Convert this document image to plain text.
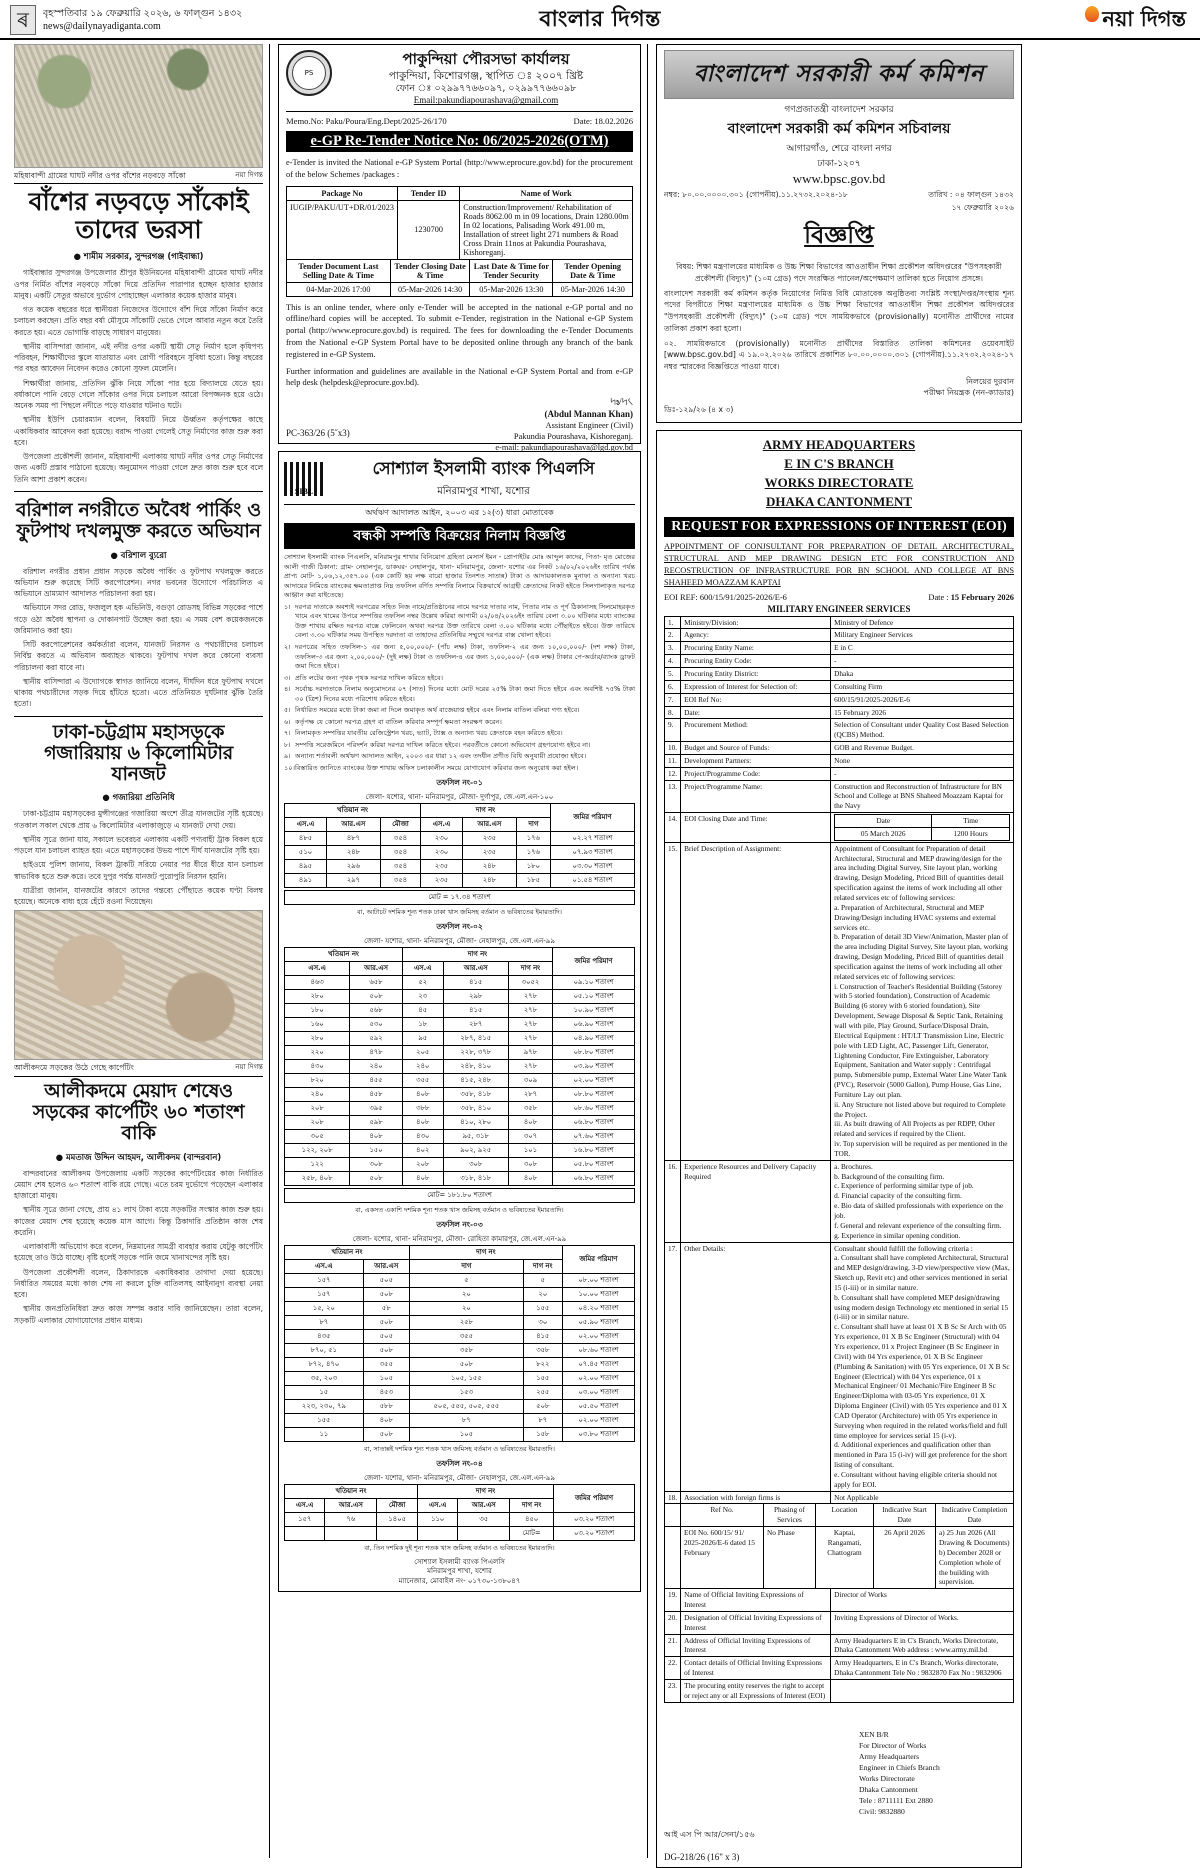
ৰ	বৃহস্পতিবার ১৯ ফেব্রুয়ারি ২০২৬, ৬ ফাল্গুন ১৪৩২
news@dailynayadiganta.com	বাংলার দিগন্ত	নয়া দিগন্ত
নয়া দিগন্ত
মহিষাবান্দী গ্রামের ঘাঘট নদীর ওপর বাঁশের নড়বড়ে সাঁকো
বাঁশের নড়বড়ে সাঁকোই তাদের ভরসা
● শামীম সরকার, সুন্দরগঞ্জ (গাইবান্ধা)

গাইবান্ধার সুন্দরগঞ্জ উপজেলার শ্রীপুর ইউনিয়নের মহিষাবান্দী গ্রামের ঘাঘট নদীর ওপর নির্মিত বাঁশের নড়বড়ে সাঁকো দিয়ে প্রতিদিন পারাপার হচ্ছেন হাজার হাজার মানুষ। একটি সেতুর অভাবে দুর্ভোগ পোহাচ্ছেন এলাকার কয়েক হাজার মানুষ।

গত কয়েক বছরের ধরে স্থানীয়রা নিজেদের উদ্যোগে বাঁশ দিয়ে সাঁকো নির্মাণ করে চলাচল করছেন। প্রতি বছর বর্ষা মৌসুমে সাঁকোটি ভেঙে গেলে আবার নতুন করে তৈরি করতে হয়। এতে ভোগান্তি বাড়ছে সাধারণ মানুষের।

স্থানীয় বাসিন্দারা জানান, এই নদীর ওপর একটি স্থায়ী সেতু নির্মাণ হলে কৃষিপণ্য পরিবহন, শিক্ষার্থীদের স্কুলে যাতায়াত এবং রোগী পরিবহনে সুবিধা হতো। কিন্তু বছরের পর বছর আবেদন নিবেদন করেও কোনো সুফল মেলেনি।

শিক্ষার্থীরা জানায়, প্রতিদিন ঝুঁকি নিয়ে সাঁকো পার হয়ে বিদ্যালয়ে যেতে হয়। বর্ষাকালে পানি বেড়ে গেলে সাঁকোর ওপর দিয়ে চলাচল আরো বিপজ্জনক হয়ে ওঠে। অনেক সময় পা পিছলে নদীতে পড়ে যাওয়ার ঘটনাও ঘটে।

স্থানীয় ইউপি চেয়ারম্যান বলেন, বিষয়টি নিয়ে ঊর্ধ্বতন কর্তৃপক্ষের কাছে একাধিকবার আবেদন করা হয়েছে। বরাদ্দ পাওয়া গেলেই সেতু নির্মাণের কাজ শুরু করা হবে।

উপজেলা প্রকৌশলী জানান, মহিষাবান্দী এলাকায় ঘাঘট নদীর ওপর সেতু নির্মাণের জন্য একটি প্রস্তাব পাঠানো হয়েছে। অনুমোদন পাওয়া গেলে দ্রুত কাজ শুরু হবে বলে তিনি আশা প্রকাশ করেন।

বরিশাল নগরীতে অবৈধ পার্কিং ও ফুটপাথ দখলমুক্ত করতে অভিযান
● বরিশাল ব্যুরো

বরিশাল নগরীর প্রধান প্রধান সড়কে অবৈধ পার্কিং ও ফুটপাথ দখলমুক্ত করতে অভিযান শুরু করেছে সিটি করপোরেশন। নগর ভবনের উদ্যোগে পরিচালিত এ অভিযানে ভ্রাম্যমাণ আদালত পরিচালনা করা হয়।

অভিযানে সদর রোড, ফজলুল হক এভিনিউ, বগুড়া রোডসহ বিভিন্ন সড়কের পাশে গড়ে ওঠা অবৈধ স্থাপনা ও দোকানপাট উচ্ছেদ করা হয়। এ সময় বেশ কয়েকজনকে জরিমানাও করা হয়।

সিটি করপোরেশনের কর্মকর্তারা বলেন, যানজট নিরসন ও পথচারীদের চলাচল নির্বিঘ্ন করতে এ অভিযান অব্যাহত থাকবে। ফুটপাথ দখল করে কোনো ব্যবসা পরিচালনা করা যাবে না।

স্থানীয় বাসিন্দারা এ উদ্যোগকে স্বাগত জানিয়ে বলেন, দীর্ঘদিন ধরে ফুটপাথ দখলে থাকায় পথচারীদের সড়ক দিয়ে হাঁটতে হতো। এতে প্রতিনিয়ত দুর্ঘটনার ঝুঁকি তৈরি হতো।

ঢাকা-চট্টগ্রাম মহাসড়কে গজারিয়ায় ৬ কিলোমিটার যানজট
● গজারিয়া প্রতিনিধি

ঢাকা-চট্টগ্রাম মহাসড়কের মুন্সীগঞ্জের গজারিয়া অংশে তীব্র যানজটের সৃষ্টি হয়েছে। গতকাল সকাল থেকে প্রায় ৬ কিলোমিটার এলাকাজুড়ে এ যানজট দেখা দেয়।

স্থানীয় সূত্রে জানা যায়, সকালে ভবেরচর এলাকায় একটি পণ্যবাহী ট্রাক বিকল হয়ে পড়লে যান চলাচল ব্যাহত হয়। এতে মহাসড়কের উভয় পাশে দীর্ঘ যানজটের সৃষ্টি হয়।

হাইওয়ে পুলিশ জানায়, বিকল ট্রাকটি সরিয়ে নেয়ার পর ধীরে ধীরে যান চলাচল স্বাভাবিক হতে শুরু করে। তবে দুপুর পর্যন্ত যানজট পুরোপুরি নিরসন হয়নি।

যাত্রীরা জানান, যানজটের কারণে তাদের গন্তব্যে পৌঁছাতে কয়েক ঘণ্টা বিলম্ব হয়েছে। অনেকে বাধ্য হয়ে হেঁটে রওনা দিয়েছেন।

নয়া দিগন্ত
আলীকদমে সড়কের উঠে গেছে কার্পেটিং
আলীকদমে মেয়াদ শেষেও সড়কের কার্পেটিং ৬০ শতাংশ বাকি
● মমতাজ উদ্দিন আহমদ, আলীকদম (বান্দরবান)

বান্দরবানের আলীকদম উপজেলায় একটি সড়কের কার্পেটিংয়ের কাজ নির্ধারিত মেয়াদ শেষ হলেও ৬০ শতাংশ বাকি রয়ে গেছে। এতে চরম দুর্ভোগে পড়েছেন এলাকার হাজারো মানুষ।

স্থানীয় সূত্রে জানা গেছে, প্রায় ৪১ লাখ টাকা ব্যয়ে সড়কটির সংস্কার কাজ শুরু হয়। কাজের মেয়াদ শেষ হয়েছে কয়েক মাস আগে। কিন্তু ঠিকাদারি প্রতিষ্ঠান কাজ শেষ করেনি।

এলাকাবাসী অভিযোগ করে বলেন, নিম্নমানের সামগ্রী ব্যবহার করায় যেটুকু কার্পেটিং হয়েছে তাও উঠে যাচ্ছে। বৃষ্টি হলেই সড়কে পানি জমে খানাখন্দের সৃষ্টি হয়।

উপজেলা প্রকৌশলী বলেন, ঠিকাদারকে একাধিকবার তাগাদা দেয়া হয়েছে। নির্ধারিত সময়ের মধ্যে কাজ শেষ না করলে চুক্তি বাতিলসহ আইনানুগ ব্যবস্থা নেয়া হবে।

স্থানীয় জনপ্রতিনিধিরা দ্রুত কাজ সম্পন্ন করার দাবি জানিয়েছেন। তারা বলেন, সড়কটি এলাকার যোগাযোগের প্রধান মাধ্যম।

PS
পাকুন্দিয়া পৌরসভা কার্যালয়
পাকুন্দিয়া, কিশোরগঞ্জ, স্থাপিত ঃ ২০০৭ খ্রিষ্ট
ফোন ঃ ০২৯৯৭৭৬৬০৯৭, ০২৯৯৭৭৬৬০৯৮
Email:pakundiapourashava@gmail.com
Memo.No: Paku/Poura/Eng.Dept/2025-26/170	Date: 18.02.2026
e-GP Re-Tender Notice No: 06/2025-2026(OTM)
e-Tender is invited the National e-GP System Portal (http://www.eprocure.gov.bd) for the procurement of the below Schemes /packages :
Package No	Tender ID	Name of Work
IUGIP/PAKU/UT+DR/01/2023	1230700	Construction/Improvement/ Rehabilitation of Roads 8062.00 m in 09 locations, Drain 1280.00m In 02 locations, Palisading Work 491.00 m, Installation of street light 271 numbers & Road Cross Drain 11nos at Pakundia Pourashava, Kishoreganj.
Tender Document Last Selling Date & Time	Tender Closing Date & Time	Last Date & Time for Tender Security	Tender Opening Date & Time
04-Mar-2026 17:00	05-Mar-2026 14:30	05-Mar-2026 13:30	05-Mar-2026 14:30
This is an online tender, where only e-Tender will be accepted in the national e-GP portal and no offline/hard copies will be accepted. To submit e-Tender, registration in the National e-GP System portal (http://www.eprocure.gov.bd) is required. The fees for downloading the e-Tender Documents from the National e-GP System Portal have to be deposited online through any branch of the bank registered in e-GP System.
Further information and guidelines are available in the National e-GP System Portal and from e-GP help desk (helpdesk@eprocure.gov.bd).
৸৶৸৻
(Abdul Mannan Khan)
Assistant Engineer (Civil)
Pakundia Pourashava, Kishoreganj.
e-mail: pakundiapourashava@lgd.gov.bd
PC-363/26 (5˝x3)
SIBL
সোশ্যাল ইসলামী ব্যাংক পিএলসি
মনিরামপুর শাখা, যশোর
অর্থঋণ আদালত আইন, ২০০৩ এর ১২(৩) ধারা মোতাবেক
বন্ধকী সম্পত্তি বিক্রয়ের নিলাম বিজ্ঞপ্তি

সোশ্যাল ইসলামী ব্যাংক পিএলসি, মনিরামপুর শাখার বিনিয়োগ গ্রহিতা মেসার্স ইমন - প্রোপাইটর মোঃ আব্দুল কাদের, পিতা- মৃত মোজের আলী গাজী ঠিকানা: গ্রাম- নেহালপুর, ডাকঘর- নেহালপুর, থানা- মনিরামপুর, জেলা- যশোর এর নিকট ১৬/০২/২০২৬ইং তারিখ পর্যন্ত প্রাপ্য মোট- ১,০৬,১২,৩৫৭.০০ (এক কোটি ছয় লক্ষ বারো হাজার তিনশত সাতান্ন) টাকা ও আদায়কালতক মুনাফা ও অন্যান্য খরচ আদায়ের নিমিত্তে ব্যাংকের ক্ষমতাপ্রাপ্ত নিম্ন তফসিল বর্ণিত সম্পত্তি নিলামে বিক্রয়ার্থে আগ্রহী ক্রেতাদের নিকট হইতে সিলগালাকৃত দরপত্র আহ্বান করা যাইতেছে।

১। দরপত্র দাতাকে অবশ্যই দরপত্রের সহিত নিজ নামে/প্রতিষ্ঠানের নামে দরপত্র দাতার নাম, পিতার নাম ও পূর্ণ ঠিকানাসহ সিলমোহরকৃত খামে এবং খামের উপরে সম্পত্তির তফসিল নম্বর উল্লেখ করিয়া আগামী ০২/০৪/২০২৬ইং তারিখ বেলা ৩.০০ ঘটিকার মধ্যে ব্যাংকের উক্ত শাখায় রক্ষিত দরপত্র বাক্সে ফেলিবেন অথবা দরপত্র উক্ত তারিখে বেলা ৩.০০ ঘটিকার মধ্যে পৌঁছাইতে হইবে। উক্ত তারিখে বেলা ৩.৩০ ঘটিকার সময় উপস্থিত দরদাতা বা তাহাদের প্রতিনিধির সম্মুখে দরপত্র বাক্স খোলা হইবে।
২। দরপত্রের সহিত তফসিল-১ এর জন্য ৫,০০,০০০/- (পাঁচ লক্ষ) টাকা, তফসিল-২ এর জন্য ১০,০০,০০০/- (দশ লক্ষ) টাকা, তফসিল-৩ এর জন্য ২,০০,০০০/- (দুই লক্ষ) টাকা ও তফসিল-৪ এর জন্য ১,০০,০০০/- (এক লক্ষ) টাকার পে-অর্ডার/ব্যাংক ড্রাফট জমা দিতে হইবে।
৩। প্রতি লটের জন্য পৃথক পৃথক দরপত্র দাখিল করিতে হইবে।
৪। সর্বোচ্চ দরদাতাকে নিলাম অনুমোদনের ০৭ (সাত) দিনের মধ্যে মোট দরের ২৫% টাকা জমা দিতে হইবে এবং অবশিষ্ট ৭৫% টাকা ৩০ (ত্রিশ) দিনের মধ্যে পরিশোধ করিতে হইবে।
৫। নির্ধারিত সময়ের মধ্যে টাকা জমা না দিলে জমাকৃত অর্থ বাজেয়াপ্ত হইবে এবং নিলাম বাতিল বলিয়া গণ্য হইবে।
৬। কর্তৃপক্ষ যে কোনো দরপত্র গ্রহণ বা বাতিল করিবার সম্পূর্ণ ক্ষমতা সংরক্ষণ করেন।
৭। নিলামকৃত সম্পত্তির যাবতীয় রেজিস্ট্রেশন খরচ, ভ্যাট, ট্যাক্স ও অন্যান্য খরচ ক্রেতাকে বহন করিতে হইবে।
৮। সম্পত্তি সরেজমিনে পরিদর্শন করিয়া দরপত্র দাখিল করিতে হইবে। পরবর্তীতে কোনো অভিযোগ গ্রহণযোগ্য হইবে না।
৯। অন্যান্য শর্তাবলী অর্থঋণ আদালত আইন, ২০০৩ এর ধারা ১২ এবং তদধীন প্রণীত বিধি অনুযায়ী প্রযোজ্য হইবে।
১০। বিস্তারিত জানিতে ব্যাংকের উক্ত শাখায় অফিস চলাকালীন সময়ে যোগাযোগ করিবার জন্য অনুরোধ করা হইল।
তফসিল নং-০১
জেলা- যশোর, থানা- মনিরামপুর, মৌজা- দুর্গাপুর, জে.এল.এন-১০০
খতিয়ান নং			দাগ নং			জমির পরিমাণ
এস.এ	আর.এস	মৌজা	এস.এ	আর.এস	দাগ	
৪৮৫	৪৮৭	৩৫৪	২৩০	২৩৫	১৭৬	০২.২৭ শতাংশ
৫১০	২৪৮	৩৫৪	২৩০	২৩৫	১৭৬	০৭.৯৩ শতাংশ
৪৯৫	২৯৬	৩৫৪	২৩৫	২৪৮	১৮০	০৩.৩০ শতাংশ
৪৯১	২৯৭	৩৫৪	২৩৫	২৪৮	১৮৫	০১.৫৪ শতাংশ
মোট = ১৭.৩৪ শতাংশ
বা, আটাচট দশমিক শূন্য শতক ঢাকা খাস জমিসহ বর্তমান ও ভবিষ্যতের ইমারতাদি।
তফসিল নং-০২
জেলা- যশোর, থানা- মনিরামপুর, মৌজা- নেহালপুর, জে.এল.এন-৯৯
খতিয়ান নং		দাগ নং			জমির পরিমাণ
এস.এ	আর.এস	এস.এ	আর.এস	দাগ নং	
৪৬৩	৬৫৮	৫২	৪১৫	৩০৫২	০৯.১০ শতাংশ
২৮০	৫০৮	২৩	২৯৮	২৭৮	০৫.১০ শতাংশ
১৮০	৫৬৮	৪৫	৪১৫	২৭৮	১০.৯০ শতাংশ
১৬০	৫৩০	১৮	২৮৭	২৭৮	০৬.৯০ শতাংশ
২৮০	৫৯২	৯৫	২৮৭, ৪১৫	২৭৮	০৪.৯০ শতাংশ
২২০	৪৭৮	২০৫	২২৮, ৩৭৮	৯৭৮	০৮.৮০ শতাংশ
৪৩০	২৪০	২৪০	২৪৮, ৪১০	২৭৮	০৩.৯০ শতাংশ
৮২০	৪৫৫	৩৫৫	৪১৫, ২৪৮	৩০৯	০২.০০ শতাংশ
২৪০	৪৫৮	৪০৮	৩৫৮, ৪১৮	২৮৭	০৮.৮০ শতাংশ
২০৮	৩৯৫	৩৮৮	৩৫৮, ৪১০	৩৫৮	০৮.৬০ শতাংশ
২০৮	৫৯৮	৪০৮	৪১০, ২৮০	৪০৮	০৬.৮০ শতাংশ
৩০৫	৪০৮	৪৩০	৯৫, ৩১৮	৩০৭	০৭.৬০ শতাংশ
১২২, ২০৮	১৫০	৪০২	৯০২, ৯২৫	১০১	১৬.৮০ শতাংশ
১২২	৩০৮	২০৮	৩০৮	৩০৮	০৫.৮০ শতাংশ
২৫৮, ৪০৮	৫০৮	৪০৮	৩১৮, ৪১৮	৪০৮	০৬.৮০ শতাংশ
মোট= ১৮১.৮০ শতাংশ
বা, একসত একাশি দশমিক শূন্য শতক খাস জমিসহ বর্তমান ও ভবিষ্যতের ইমারতাদি।
তফসিল নং-০৩
জেলা- যশোর, থানা- মনিরামপুর, মৌজা- রোহিতা কামারপুর, জে.এল.এন-৯৯
খতিয়ান নং		দাগ নং		জমির পরিমাণ
এস.এ	আর.এস	দাগ	দাগ নং	
১৫৭	৫০৫	৫	৫	০৮.০০ শতাংশ
১৫৭	৫০৮	২০	২০	১০.০০ শতাংশ
১৫, ২০	৫৮	২০	১৫৫	০৪.২০ শতাংশ
৮৭	৫০৮	২৫৮	৩০	০৫.৯০ শতাংশ
৪৩৫	৫০৫	৩৫৫	৪১৫	০২.০০ শতাংশ
৮৭০, ৫১	৫০৮	৩৫৮	৩৫৮	০৮.৬০ শতাংশ
৮৭২, ৪৭০	৩৫৫	৫০৮	৮২২	০৭.৪৫ শতাংশ
৩৫, ২০৩	১০৫	১০৫, ১৫৫	১৫৫	০২.০০ শতাংশ
১৫	৪৫৩	১৫৩	২৫৫	০৩.০০ শতাংশ
২২৩, ২৩০, ৭৯	৫৮৮	৫০৫, ৫৫৫, ৫০৫, ৫৫৫	৫০৮	০৫.৫০ শতাংশ
১৫৫	৪০৮	৮৭	৮৭	০২.০০ শতাংশ
১১	৫০৮	১০৫	১৫৮	০৩.৮০ শতাংশ
বা, সাতান্নই দশমিক শূন্য শতক খাস জমিসহ বর্তমান ও ভবিষ্যতের ইমারতাদি।
তফসিল নং-০৪
জেলা- যশোর, থানা- মনিরামপুর, মৌজা- নেহালপুর, জে.এল.এন-৯৯
খতিয়ান নং			দাগ নং			জমির পরিমাণ
এস.এ	আর.এস	মৌজা	এস.এ	আর.এস	দাগ নং	
১৫৭	৭৬	১৪০৫	১১০	৩৫	৪৫০	০৩.২০ শতাংশ
					মোট=	০৩.২০ শতাংশ
বা, তিন দশমিক দুই শূন্য শতক খাস জমিসহ বর্তমান ও ভবিষ্যতের ইমারতাদি।
সোশ্যাল ইসলামী ব্যাংক পিএলসি
মনিরামপুর শাখা, যশোর
ম্যানেজার, মোবাইল নং- ০১৭৩০-১৩৮০৪৭
বাংলাদেশ সরকারী কর্ম কমিশন
গণপ্রজাতন্ত্রী বাংলাদেশ সরকার
বাংলাদেশ সরকারী কর্ম কমিশন সচিবালয়
আগারগাঁও, শেরে বাংলা নগর
ঢাকা-১২০৭
www.bpsc.gov.bd
নম্বর: ৮০.০০.০০০০.৩০১ (গোপনীয়).১১.২৭৩২.২০২৪-১৮	তারিখ : ০৪ ফাল্গুন ১৪৩২
১৭ ফেব্রুয়ারি ২০২৬
বিজ্ঞপ্তি

বিষয়: শিক্ষা মন্ত্রণালয়ের মাধ্যমিক ও উচ্চ শিক্ষা বিভাগের আওতাধীন শিক্ষা প্রকৌশল অধিদপ্তরের "উপসহকারী প্রকৌশলী (বিদ্যুৎ)" (১০ম গ্রেড) পদে সংরক্ষিত প্যানেল/অপেক্ষমাণ তালিকা হতে নিয়োগ প্রসঙ্গে।

বাংলাদেশ সরকারী কর্ম কমিশন কর্তৃক নিয়োগের নিমিত্ত বিধি মোতাবেক অনুষ্ঠিতব্য সংশ্লিষ্ট সংস্থা/দপ্তর/সংস্থায় শূন্য পদের বিপরীতে শিক্ষা মন্ত্রণালয়ের মাধ্যমিক ও উচ্চ শিক্ষা বিভাগের আওতাধীন শিক্ষা প্রকৌশল অধিদপ্তরের "উপসহকারী প্রকৌশলী (বিদ্যুৎ)" (১০ম গ্রেড) পদে সাময়িকভাবে (provisionally) মনোনীত প্রার্থীদের নামের তালিকা প্রকাশ করা হলো।

০২. সাময়িকভাবে (provisionally) মনোনীত প্রার্থীদের বিস্তারিত তালিকা কমিশনের ওয়েবসাইট [www.bpsc.gov.bd] এ ১৯.০২.২০২৬ তারিখে প্রকাশিত ৮০.০০.০০০০.৩০১ (গোপনীয়).১১.২৭৩২.২০২৪-১৭ নম্বর স্মারকের বিজ্ঞপ্তিতে পাওয়া যাবে।

নিলয়ের দুরবান
পরীক্ষা নিয়ন্ত্রক (নন-ক্যাডার)
ডিঃ-১২৯/২৬ (৪ x ৩)
ARMY HEADQUARTERS
E IN C'S BRANCH
WORKS DIRECTORATE
DHAKA CANTONMENT
REQUEST FOR EXPRESSIONS OF INTEREST (EOI)
APPOINTMENT OF CONJSULTANT FOR PREPARATION OF DETAIL ARCHITECTURAL, STRUCTURAL AND MEP DRAWING DESIGN ETC FOR CONSTRUCTION AND RECOSTRUCTION OF INFRASTRUCTURE FOR BN SCHOOL AND COLLEGE AT BNS SHAHEED MOAZZAM KAPTAI
EOI REF: 600/15/91/2025-2026/E-6	Date : 15 February 2026
MILITARY ENGINEER SERVICES
1.	Ministry/Division:	Ministry of Defence
2.	Agency:	Military Engineer Services
3.	Procuring Entity Name:	E in C
4.	Procuring Entity Code:	-
5.	Procuring Entity District:	Dhaka
6.	Expression of Interest for Selection of:	Consulting Firm
7.	EOI Ref No:	600/15/91/2025-2026/E-6
8.	Date:	15 February 2026
9.	Procurement Method:	Selection of Consultant under Quality Cost Based Selection (QCBS) Method.
10.	Budget and Source of Funds:	GOB and Revenue Budget.
11.	Development Partners:	None
12.	Project/Programme Code:	-
13.	Project/Programme Name:	Construction and Reconstruction of Infrastructure for BN School and College at BNS Shaheed Moazzam Kaptai for the Navy
14.	EOI Closing Date and Time:		Date	Time
05 March 2026	1200 Hours

15.	Brief Description of Assignment:	Appointment of Consultant for Preparation of detail Architectural, Structural and MEP drawing/design for the area including Digital Survey, Site layout plan, working drawing, Design Modeling, Priced Bill of quantities detail specification against the items of work including all other related services etc of following services:
a. Preparation of Architectural, Structural and MEP Drawing/Design including HVAC systems and external services etc.
b. Preparation of detail 3D View/Animation, Master plan of the area including Digital Survey, Site layout plan, working drawing, Design Modeling, Priced Bill of quantities detail specification against the items of work including all other related services etc of following services:
i. Construction of Teacher's Residential Building (5storey with 5 storied foundation), Construction of Academic Building (6 storey with 6 storied foundation), Site Development, Sewage Disposal & Septic Tank, Retaining wall with pile, Play Ground, Surface/Disposal Drain, Electrical Equipment : HT/LT Transmission Line, Electric pole with LED Light, AC, Passenger Lift, Generator, Lightening Conductor, Fire Extinguisher, Laboratory Equipment, Sanitation and Water supply : Centrifugal pump, Submersible pump, External Water Line Water Tank (PVC), Reservoir (5000 Gallon), Pump House, Gas Line, Furniture Lay out plan.
ii. Any Structure not listed above but required to Complete the Project.
iii. As built drawing of All Projects as per RDPP, Other related and services if required by the Client.
iv. Top supervision will be required as per mentioned in the TOR.

16.	Experience Resources and Delivery Capacity Required	
a. Brochures.
b. Background of the consulting firm.
c. Experience of performing similar type of job.
d. Financial capacity of the consulting firm.
e. Bio data of skilled professionals with experience on the job.
f. General and relevant experience of the consulting firm.
g. Experience in similar opening condition.

17.	Other Details:	Consultant should fulfill the following criteria :
a. Consultant shall have completed Architectural, Structural and MEP design/drawing, 3-D view/perspective view (Max, Sketch up, Revit etc) and other services mentioned in serial 15 (i-iii) or in similar nature.
b. Consultant shall have completed MEP design/drawing using modern design Technology etc mentioned in serial 15 (i-iii) or in similar nature.
c. Consultant shall have at least 01 X B Sc Sr Arch with 05 Yrs experience, 01 X B Sc Engineer (Structural) with 04 Yrs experience, 01 x Project Engineer (B Sc Engineer in Civil) with 04 Yrs experience, 01 X B Sc Engineer (Plumbing & Sanitation) with 05 Yrs experience, 01 X B Sc Engineer (Electrical) with 04 Yrs experience, 01 x Mechanical Engineer/ 01 Mechanic/Fire Engineer B Sc Engineer/Diploma with 03-05 Yrs experience, 01 X Diploma Engineer (Civil) with 05 Yrs experience and 01 X CAD Operator (Architecture) with 05 Yrs experience in Surveying when required in the related works/field and full time employee for services serial 15 (i-v).
d. Additional experiences and qualification other than mentioned in Para 15 (i-iv) will get preference for the short listing of consultant.
e. Consultant without having eligible criteria should not apply for EOI.

18.	Association with foreign firms is	Not Applicable
	Ref No.	Phasing of Services	Location	Indicative Start Date	Indicative Completion Date
	EOI No. 600/15/ 91/ 2025-2026/E-6 dated 15 February	No Phase	Kaptai, Rangamati, Chattogram	26 April 2026	a) 25 Jun 2026 (All Drawing & Documents) b) December 2028 or Completion whole of the building with supervision.
19.	Name of Official Inviting Expressions of Interest	Director of Works
20.	Designation of Official Inviting Expressions of Interest	Inviting Expressions of Director of Works.
21.	Address of Official Inviting Expressions of Interest	Army Headquarters E in C's Branch, Works Directorate, Dhaka Cantonment Web address : www.army.mil.bd
22.	Contact details of Official Inviting Expressions of Interest	Army Headquarters, E in C's Branch, Works directorate, Dhaka Cantonment Tele No : 9832870 Fax No : 9832906
23.	The procuring entity reserves the right to accept or reject any or all Expressions of Interest (EOI)	
XEN B/R
For Director of Works
Army Headquarters
Engineer in Chiefs Branch
Works Directorate
Dhaka Cantonment
Tele : 8711111 Ext 2880
Civil: 9832880
আই এস পি আর/সেনা/১৫৬
DG-218/26 (16" x 3)
